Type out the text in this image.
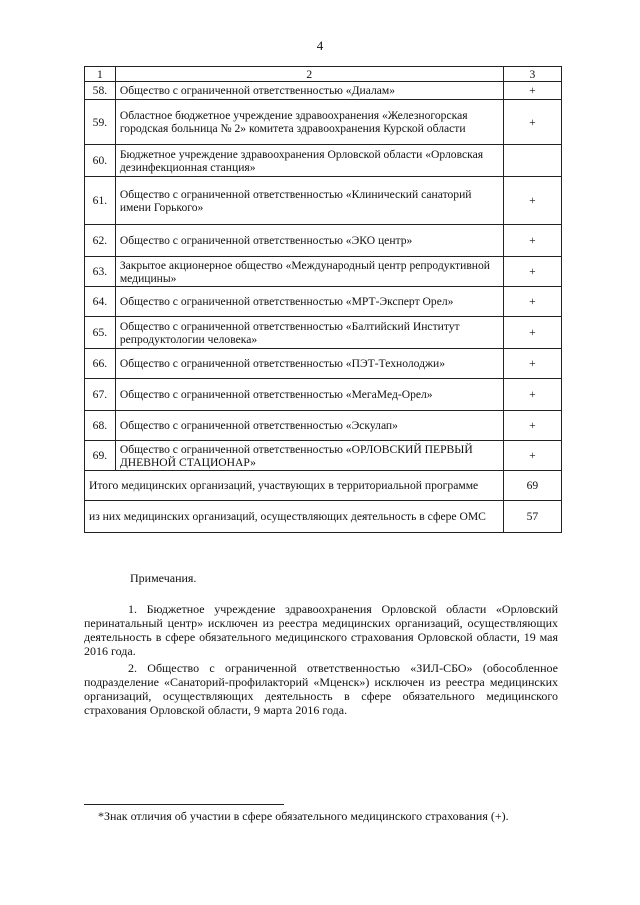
4
1	2	3
58.	Общество с ограниченной ответственностью «Диалам»	+
59.	Областное бюджетное учреждение здравоохранения «Железногорская городская больница № 2» комитета здравоохранения Курской области	+
60.	Бюджетное учреждение здравоохранения Орловской области «Орловская дезинфекционная станция»	
61.	Общество с ограниченной ответственностью «Клинический санаторий имени Горького»	+
62.	Общество с ограниченной ответственностью «ЭКО центр»	+
63.	Закрытое акционерное общество «Международный центр репродуктивной медицины»	+
64.	Общество с ограниченной ответственностью «МРТ-Эксперт Орел»	+
65.	Общество с ограниченной ответственностью «Балтийский Институт репродуктологии человека»	+
66.	Общество с ограниченной ответственностью «ПЭТ-Технолоджи»	+
67.	Общество с ограниченной ответственностью «МегаМед-Орел»	+
68.	Общество с ограниченной ответственностью «Эскулап»	+
69.	Общество с ограниченной ответственностью «ОРЛОВСКИЙ ПЕРВЫЙ ДНЕВНОЙ СТАЦИОНАР»	+
Итого медицинских организаций, участвующих в территориальной программе		69
из них медицинских организаций, осуществляющих деятельность в сфере ОМС		57
Примечания.

1. Бюджетное учреждение здравоохранения Орловской области «Орловский перинатальный центр» исключен из реестра медицинских организаций, осуществляющих деятельность в сфере обязательного медицинского страхования Орловской области, 19 мая 2016 года.

2. Общество с ограниченной ответственностью «ЗИЛ-СБО» (обособленное подразделение «Санаторий-профилакторий «Мценск») исключен из реестра медицинских организаций, осуществляющих деятельность в сфере обязательного медицинского страхования Орловской области, 9 марта 2016 года.

*Знак отличия об участии в сфере обязательного медицинского страхования (+).
